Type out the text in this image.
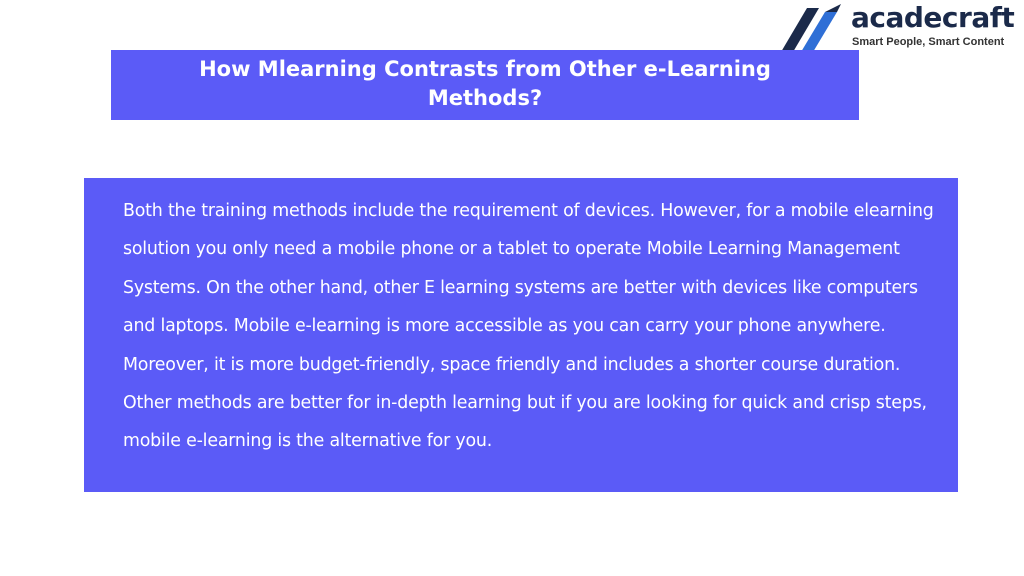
acadecraft
Smart People, Smart Content
How Mlearning Contrasts from Other e-Learning Methods?
Both the training methods include the requirement of devices. However, for a mobile elearning solution you only need a mobile phone or a tablet to operate Mobile Learning Management Systems. On the other hand, other E learning systems are better with devices like computers and laptops. Mobile e-learning is more accessible as you can carry your phone anywhere. Moreover, it is more budget-friendly, space friendly and includes a shorter course duration. Other methods are better for in-depth learning but if you are looking for quick and crisp steps, mobile e-learning is the alternative for you.
